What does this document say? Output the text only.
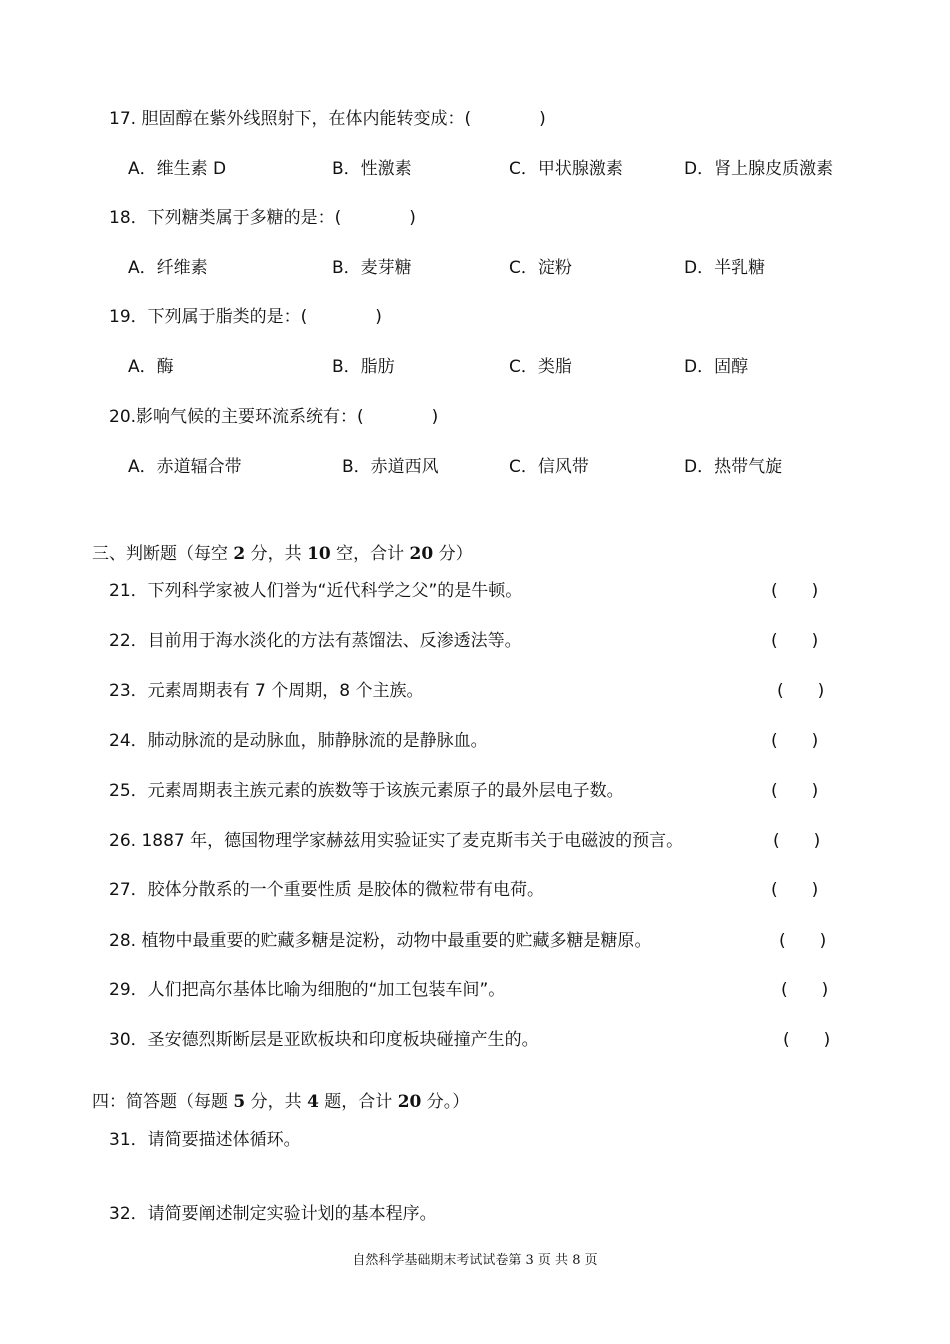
17. 胆固醇在紫外线照射下，在体内能转变成：(　　　　)
A．维生素 D	B．性激素	C．甲状腺激素	D．肾上腺皮质激素
18．下列糖类属于多糖的是：(　　　　)
A．纤维素	B．麦芽糖	C．淀粉	D．半乳糖
19．下列属于脂类的是：(　　　　)
A．酶	B．脂肪	C．类脂	D．固醇
20.影响气候的主要环流系统有：(　　　　)
A．赤道辐合带	B．赤道西风	C．信风带	D．热带气旋
三、判断题（每空 2 分，共 10 空，合计 20 分）
21．下列科学家被人们誉为“近代科学之父”的是牛顿。	(　　)
22．目前用于海水淡化的方法有蒸馏法、反渗透法等。	(　　)
23．元素周期表有 7 个周期，8 个主族。	(　　)
24．肺动脉流的是动脉血，肺静脉流的是静脉血。	(　　)
25．元素周期表主族元素的族数等于该族元素原子的最外层电子数。	(　　)
26. 1887 年，德国物理学家赫兹用实验证实了麦克斯韦关于电磁波的预言。	(　　)
27．胶体分散系的一个重要性质 是胶体的微粒带有电荷。	(　　)
28. 植物中最重要的贮藏多糖是淀粉，动物中最重要的贮藏多糖是糖原。	(　　)
29．人们把高尔基体比喻为细胞的“加工包装车间”。	(　　)
30．圣安德烈斯断层是亚欧板块和印度板块碰撞产生的。	(　　)
四：简答题（每题 5 分，共 4 题，合计 20 分。）
31．请简要描述体循环。
32．请简要阐述制定实验计划的基本程序。
自然科学基础期末考试试卷第 3 页 共 8 页
